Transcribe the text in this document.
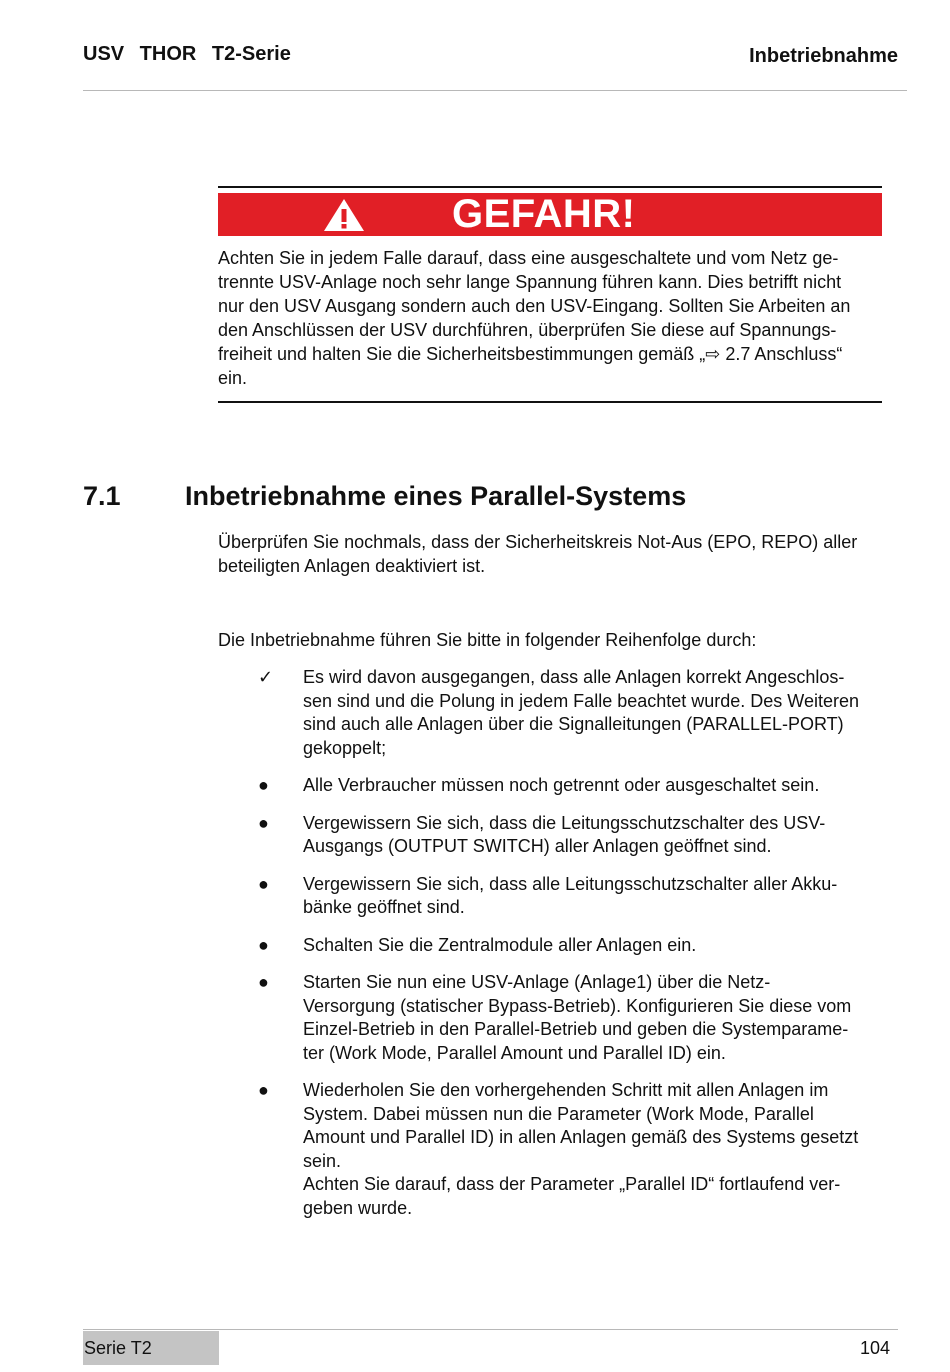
USV THOR T2-Serie	Inbetriebnahme
GEFAHR!

Achten Sie in jedem Falle darauf, dass eine ausgeschaltete und vom Netz ge-

trennte USV-Anlage noch sehr lange Spannung führen kann. Dies betrifft nicht

nur den USV Ausgang sondern auch den USV-Eingang. Sollten Sie Arbeiten an

den Anschlüssen der USV durchführen, überprüfen Sie diese auf Spannungs-

freiheit und halten Sie die Sicherheitsbestimmungen gemäß „⇨ 2.7 Anschluss“

ein.

7.1 Inbetriebnahme eines Parallel-Systems

Überprüfen Sie nochmals, dass der Sicherheitskreis Not-Aus (EPO, REPO) aller

beteiligten Anlagen deaktiviert ist.

Die Inbetriebnahme führen Sie bitte in folgender Reihenfolge durch:

✓	Es wird davon ausgegangen, dass alle Anlagen korrekt Angeschlos-

sen sind und die Polung in jedem Falle beachtet wurde. Des Weiteren

sind auch alle Anlagen über die Signalleitungen (PARALLEL-PORT)

gekoppelt;

●	Alle Verbraucher müssen noch getrennt oder ausgeschaltet sein.

●	Vergewissern Sie sich, dass die Leitungsschutzschalter des USV-

Ausgangs (OUTPUT SWITCH) aller Anlagen geöffnet sind.

●	Vergewissern Sie sich, dass alle Leitungsschutzschalter aller Akku-

bänke geöffnet sind.

●	Schalten Sie die Zentralmodule aller Anlagen ein.

●	Starten Sie nun eine USV-Anlage (Anlage1) über die Netz-

Versorgung (statischer Bypass-Betrieb). Konfigurieren Sie diese vom

Einzel-Betrieb in den Parallel-Betrieb und geben die Systemparame-

ter (Work Mode, Parallel Amount und Parallel ID) ein.

●	Wiederholen Sie den vorhergehenden Schritt mit allen Anlagen im

System. Dabei müssen nun die Parameter (Work Mode, Parallel

Amount und Parallel ID) in allen Anlagen gemäß des Systems gesetzt

sein.

Achten Sie darauf, dass der Parameter „Parallel ID“ fortlaufend ver-

geben wurde.

Serie T2	104
